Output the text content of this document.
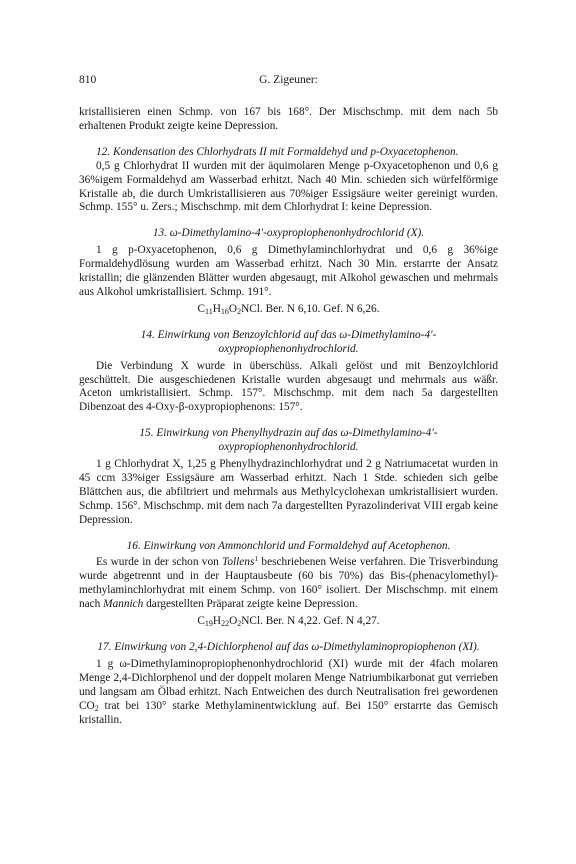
810	G. Zigeuner:

kristallisieren einen Schmp. von 167 bis 168°. Der Mischschmp. mit dem nach 5b erhaltenen Produkt zeigte keine Depression.

12. Kondensation des Chlorhydrats II mit Formaldehyd und p-Oxyacetophenon.

0,5 g Chlorhydrat II wurden mit der äquimolaren Menge p-Oxyacetophenon und 0,6 g 36%igem Formaldehyd am Wasserbad erhitzt. Nach 40 Min. schieden sich würfelförmige Kristalle ab, die durch Umkristallisieren aus 70%iger Essigsäure weiter gereinigt wurden. Schmp. 155° u. Zers.; Mischschmp. mit dem Chlorhydrat I: keine Depression.

13. ω-Dimethylamino-4′-oxypropiophenonhydrochlorid (X).

1 g p-Oxyacetophenon, 0,6 g Dimethylaminchlorhydrat und 0,6 g 36%ige Formaldehydlösung wurden am Wasserbad erhitzt. Nach 30 Min. erstarrte der Ansatz kristallin; die glänzenden Blätter wurden abgesaugt, mit Alkohol gewaschen und mehrmals aus Alkohol umkristallisiert. Schmp. 191°.

$C_{11}H_{16}O_2NCl$. Ber. N 6,10. Gef. N 6,26.
14. Einwirkung von Benzoylchlorid auf das ω-Dimethylamino-4′-oxypropiophenonhydrochlorid.

Die Verbindung X wurde in überschüss. Alkali gelöst und mit Benzoylchlorid geschüttelt. Die ausgeschiedenen Kristalle wurden abgesaugt und mehrmals aus wäßr. Aceton umkristallisiert. Schmp. 157°. Mischschmp. mit dem nach 5a dargestellten Dibenzoat des 4-Oxy-β-oxypropiophenons: 157°.

15. Einwirkung von Phenylhydrazin auf das ω-Dimethylamino-4′-oxypropiophenonhydrochlorid.

1 g Chlorhydrat X, 1,25 g Phenylhydrazinchlorhydrat und 2 g Natriumacetat wurden in 45 ccm 33%iger Essigsäure am Wasserbad erhitzt. Nach 1 Stde. schieden sich gelbe Blättchen aus, die abfiltriert und mehrmals aus Methylcyclohexan umkristallisiert wurden. Schmp. 156°. Mischschmp. mit dem nach 7a dargestellten Pyrazolinderivat VIII ergab keine Depression.

16. Einwirkung von Ammonchlorid und Formaldehyd auf Acetophenon.

Es wurde in der schon von Tollens$^1$ beschriebenen Weise verfahren. Die Trisverbindung wurde abgetrennt und in der Hauptausbeute (60 bis 70%) das Bis-(phenacylomethyl)-methylaminchlorhydrat mit einem Schmp. von 160° isoliert. Der Mischschmp. mit einem nach Mannich dargestellten Präparat zeigte keine Depression.

$C_{19}H_{22}O_2NCl$. Ber. N 4,22. Gef. N 4,27.
17. Einwirkung von 2,4-Dichlorphenol auf das ω-Dimethylaminopropiophenon (XI).

1 g ω-Dimethylaminopropiophenonhydrochlorid (XI) wurde mit der 4fach molaren Menge 2,4-Dichlorphenol und der doppelt molaren Menge Natriumbikarbonat gut verrieben und langsam am Ölbad erhitzt. Nach Entweichen des durch Neutralisation frei gewordenen $CO_2$ trat bei 130° starke Methylaminentwicklung auf. Bei 150° erstarrte das Gemisch kristallin.
